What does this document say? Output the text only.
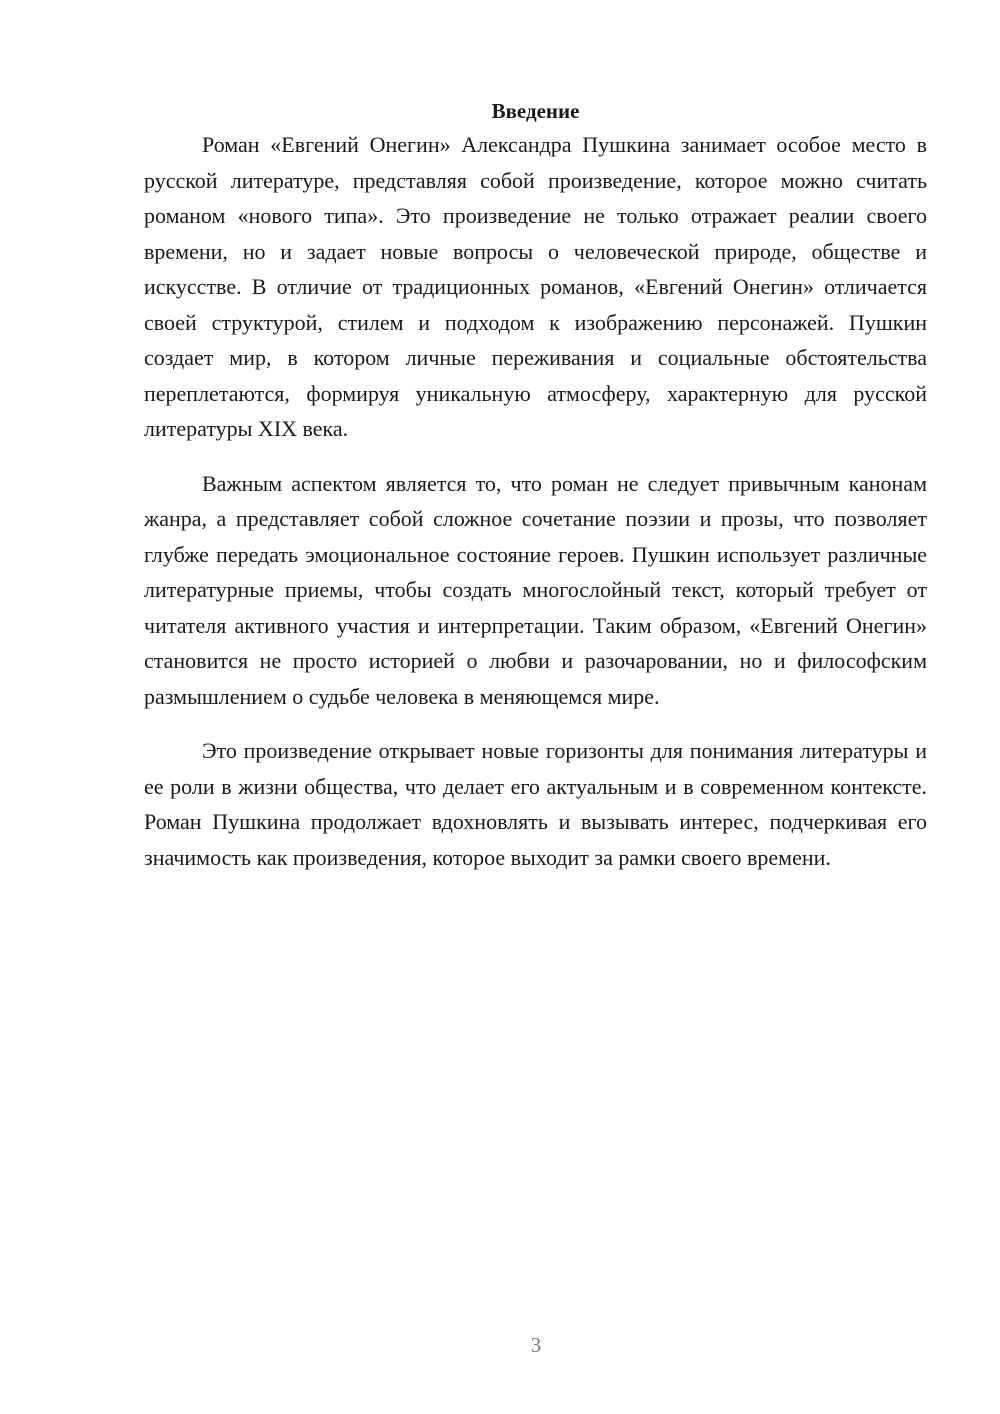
Введение

Роман «Евгений Онегин» Александра Пушкина занимает особое место в русской литературе, представляя собой произведение, которое можно считать романом «нового типа». Это произведение не только отражает реалии своего времени, но и задает новые вопросы о человеческой природе, обществе и искусстве. В отличие от традиционных романов, «Евгений Онегин» отличается своей структурой, стилем и подходом к изображению персонажей. Пушкин создает мир, в котором личные переживания и социальные обстоятельства переплетаются, формируя уникальную атмосферу, характерную для русской литературы XIX века.

Важным аспектом является то, что роман не следует привычным канонам жанра, а представляет собой сложное сочетание поэзии и прозы, что позволяет глубже передать эмоциональное состояние героев. Пушкин использует различные литературные приемы, чтобы создать многослойный текст, который требует от читателя активного участия и интерпретации. Таким образом, «Евгений Онегин» становится не просто историей о любви и разочаровании, но и философским размышлением о судьбе человека в меняющемся мире.

Это произведение открывает новые горизонты для понимания литературы и ее роли в жизни общества, что делает его актуальным и в современном контексте. Роман Пушкина продолжает вдохновлять и вызывать интерес, подчеркивая его значимость как произведения, которое выходит за рамки своего времени.

3
